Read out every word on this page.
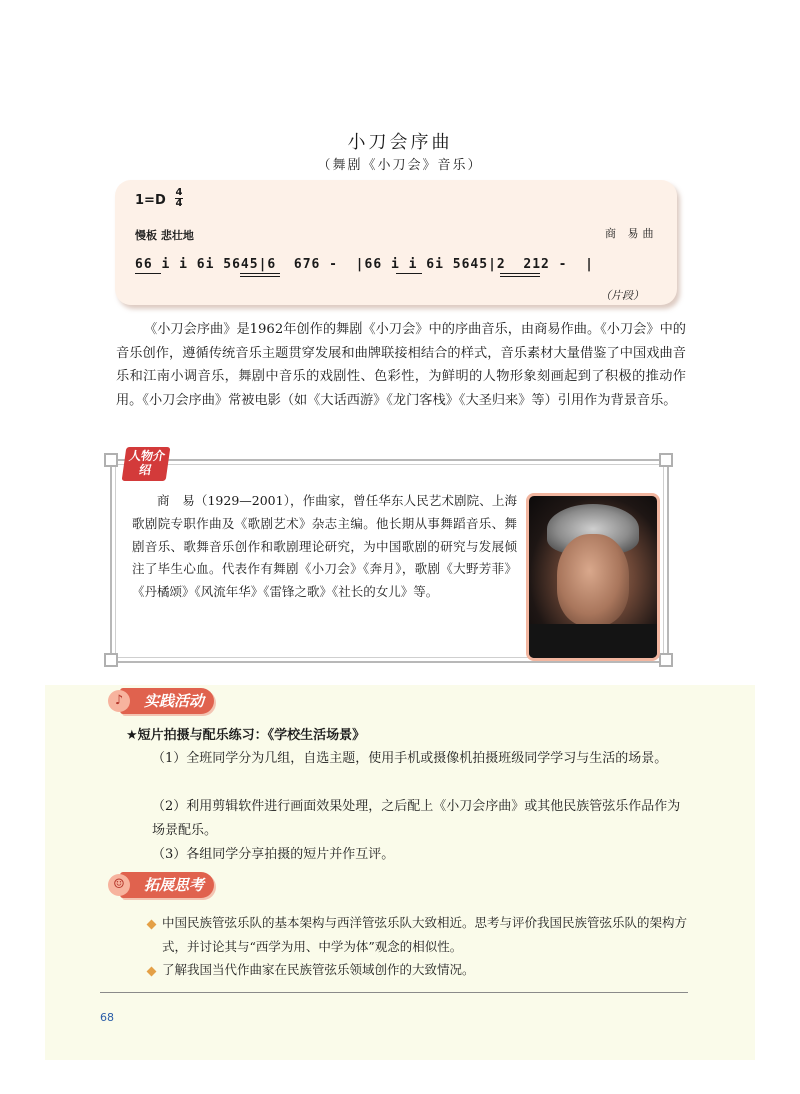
小刀会序曲
（舞剧《小刀会》音乐）
1=D
4
4
慢板 悲壮地	商 易曲
66 i i 6i 5645|6  676 -  |66 i i 6i 5645|2  212 -  |
（片段）
《小刀会序曲》是1962年创作的舞剧《小刀会》中的序曲音乐，由商易作曲。《小刀会》中的音乐创作，遵循传统音乐主题贯穿发展和曲牌联接相结合的样式，音乐素材大量借鉴了中国戏曲音乐和江南小调音乐，舞剧中音乐的戏剧性、色彩性，为鲜明的人物形象刻画起到了积极的推动作用。《小刀会序曲》常被电影（如《大话西游》《龙门客栈》《大圣归来》等）引用作为背景音乐。
人物介绍
商　易（1929—2001），作曲家，曾任华东人民艺术剧院、上海歌剧院专职作曲及《歌剧艺术》杂志主编。他长期从事舞蹈音乐、舞剧音乐、歌舞音乐创作和歌剧理论研究，为中国歌剧的研究与发展倾注了毕生心血。代表作有舞剧《小刀会》《奔月》，歌剧《大野芳菲》《丹橘颂》《风流年华》《雷锋之歌》《社长的女儿》等。
实践活动
♪
★短片拍摄与配乐练习：《学校生活场景》
（1）全班同学分为几组，自选主题，使用手机或摄像机拍摄班级同学学习与生活的场景。
（2）利用剪辑软件进行画面效果处理，之后配上《小刀会序曲》或其他民族管弦乐作品作为场景配乐。
（3）各组同学分享拍摄的短片并作互评。
拓展思考
☺
中国民族管弦乐队的基本架构与西洋管弦乐队大致相近。思考与评价我国民族管弦乐队的架构方式，并讨论其与“西学为用、中学为体”观念的相似性。
了解我国当代作曲家在民族管弦乐领域创作的大致情况。
68
